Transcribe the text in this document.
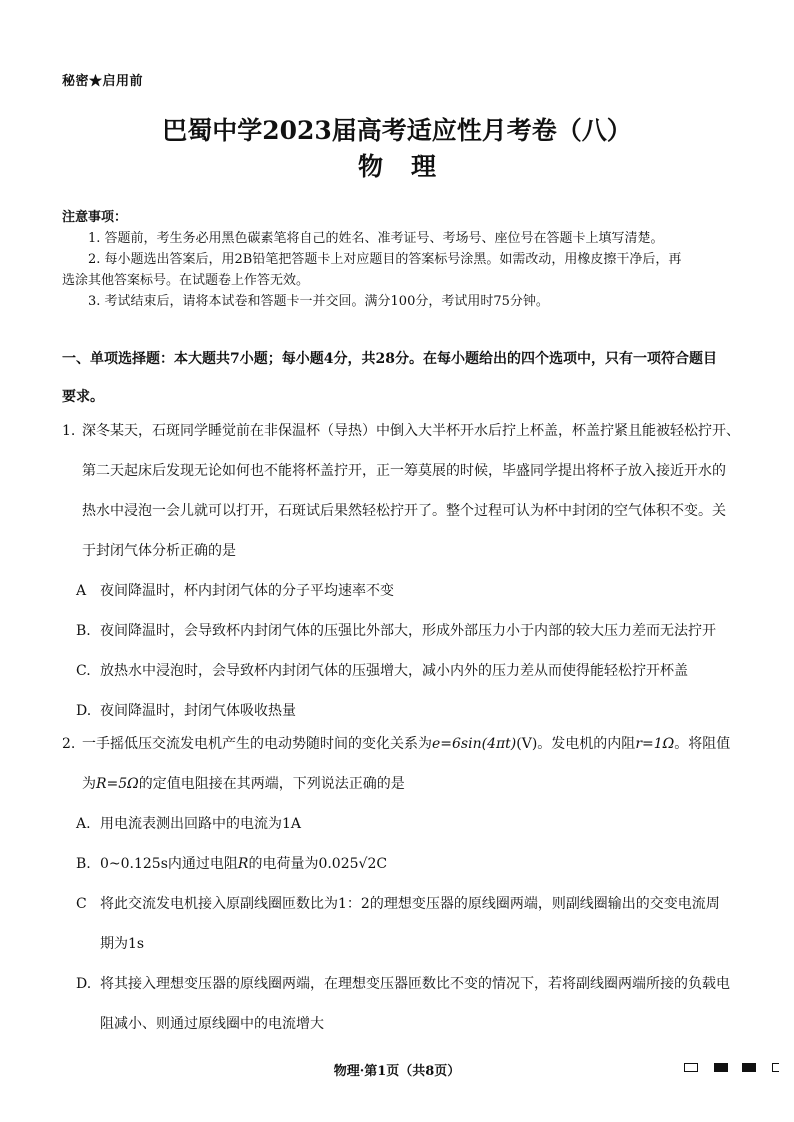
秘密★启用前
巴蜀中学2023届高考适应性月考卷（八）
物理
注意事项：

1. 答题前，考生务必用黑色碳素笔将自己的姓名、准考证号、考场号、座位号在答题卡上填写清楚。

2. 每小题选出答案后，用2B铅笔把答题卡上对应题目的答案标号涂黑。如需改动，用橡皮擦干净后，再

选涂其他答案标号。在试题卷上作答无效。

3. 考试结束后，请将本试卷和答题卡一并交回。满分100分，考试用时75分钟。

一、单项选择题：本大题共7小题；每小题4分，共28分。在每小题给出的四个选项中，只有一项符合题目
要求。

1. 深冬某天，石斑同学睡觉前在非保温杯（导热）中倒入大半杯开水后拧上杯盖，杯盖拧紧且能被轻松拧开、

第二天起床后发现无论如何也不能将杯盖拧开，正一筹莫展的时候，毕盛同学提出将杯子放入接近开水的

热水中浸泡一会儿就可以打开，石斑试后果然轻松拧开了。整个过程可认为杯中封闭的空气体积不变。关

于封闭气体分析正确的是

A 夜间降温时，杯内封闭气体的分子平均速率不变

B. 夜间降温时，会导致杯内封闭气体的压强比外部大，形成外部压力小于内部的较大压力差而无法拧开

C. 放热水中浸泡时，会导致杯内封闭气体的压强增大，减小内外的压力差从而使得能轻松拧开杯盖

D. 夜间降温时，封闭气体吸收热量

2. 一手摇低压交流发电机产生的电动势随时间的变化关系为e=6sin(4πt)(V)。发电机的内阻r=1Ω。将阻值

为R=5Ω的定值电阻接在其两端，下列说法正确的是

A. 用电流表测出回路中的电流为1A

B. 0~0.125s内通过电阻R的电荷量为0.025√2C

C 将此交流发电机接入原副线圈匝数比为1：2的理想变压器的原线圈两端，则副线圈输出的交变电流周

期为1s

D. 将其接入理想变压器的原线圈两端，在理想变压器匝数比不变的情况下，若将副线圈两端所接的负载电

阻减小、则通过原线圈中的电流增大

物理·第1页（共8页）
